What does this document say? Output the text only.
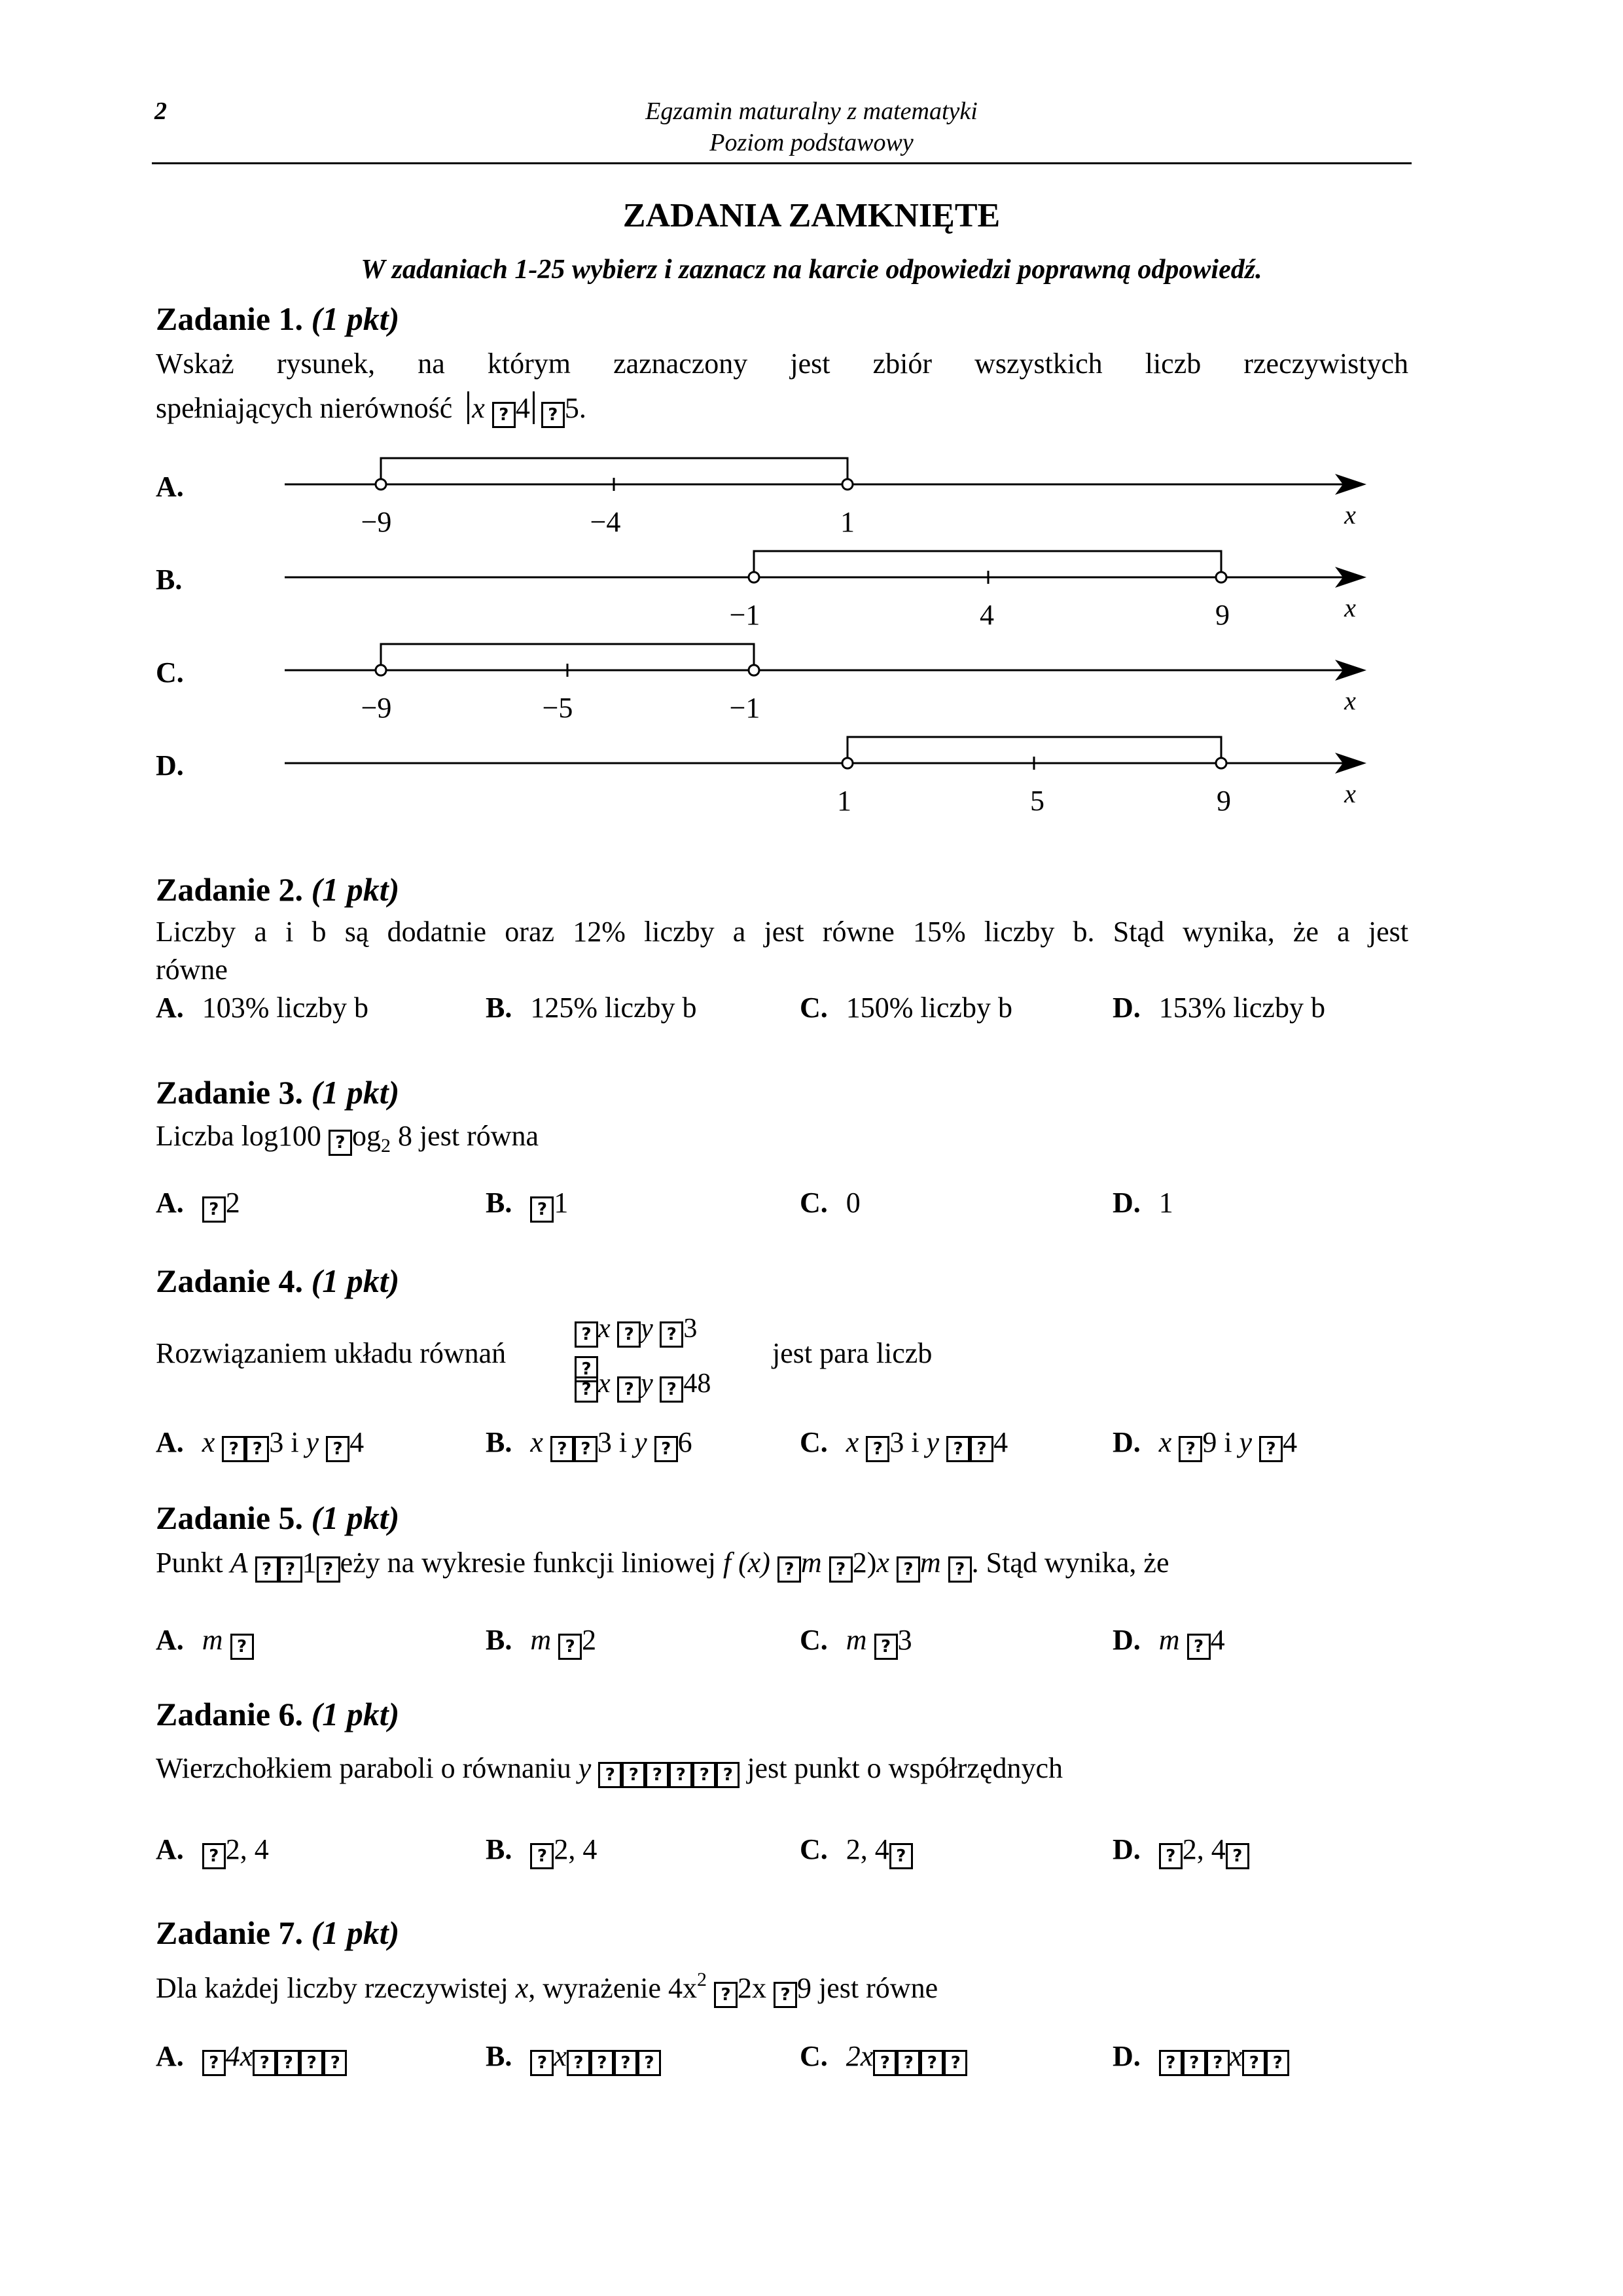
2	Egzamin maturalny z matematyki
Poziom podstawowy
ZADANIA ZAMKNIĘTE
W zadaniach 1-25 wybierz i zaznacz na karcie odpowiedzi poprawną odpowiedź.
Zadanie 1. (1 pkt)
Wskaż rysunek, na którym zaznaczony jest zbiór wszystkich liczb rzeczywistych
spełniających nierówność x ? 4 ? 5.
A.
B.
C.
D.
−9	−4	1	x
−1	4	9	x
−9	−5	−1	x
1	5	9	x
Zadanie 2. (1 pkt)
Liczby a i b są dodatnie oraz 12% liczby a jest równe 15% liczby b. Stąd wynika, że a jest
równe
A. 103% liczby b	B. 125% liczby b	C. 150% liczby b	D. 153% liczby b
Zadanie 3. (1 pkt)
Liczba log100 ? $og_2$ 8 jest równa
A. ? 2	B. ? 1	C. 0	D. 1
Zadanie 4. (1 pkt)
Rozwiązaniem układu równań	jest para liczb
? x ? y ? 3
?
? x ? y ? 48
A. x ? ? 3 i y ? 4	B. x ? ? 3 i y ? 6	C. x ? 3 i y ? ? 4	D. x ? 9 i y ? 4
Zadanie 5. (1 pkt)
Punkt A ? ? 1 ? eży na wykresie funkcji liniowej f (x) ? m ? 2)x ? m ? . Stąd wynika, że
A. m ?	B. m ? 2	C. m ? 3	D. m ? 4
Zadanie 6. (1 pkt)
Wierzchołkiem paraboli o równaniu y ? ? ? ? ? ? jest punkt o współrzędnych
A. ? 2, 4	B. ? 2, 4	C. 2, 4 ?	D. ? 2, 4 ?
Zadanie 7. (1 pkt)
Dla każdej liczby rzeczywistej x, wyrażenie $4x^2$ ? 2x ? 9 jest równe
A. ? 4x ? ? ? ?	B. ? x ? ? ? ?	C. 2x ? ? ? ?	D. ? ? ? x ? ?
